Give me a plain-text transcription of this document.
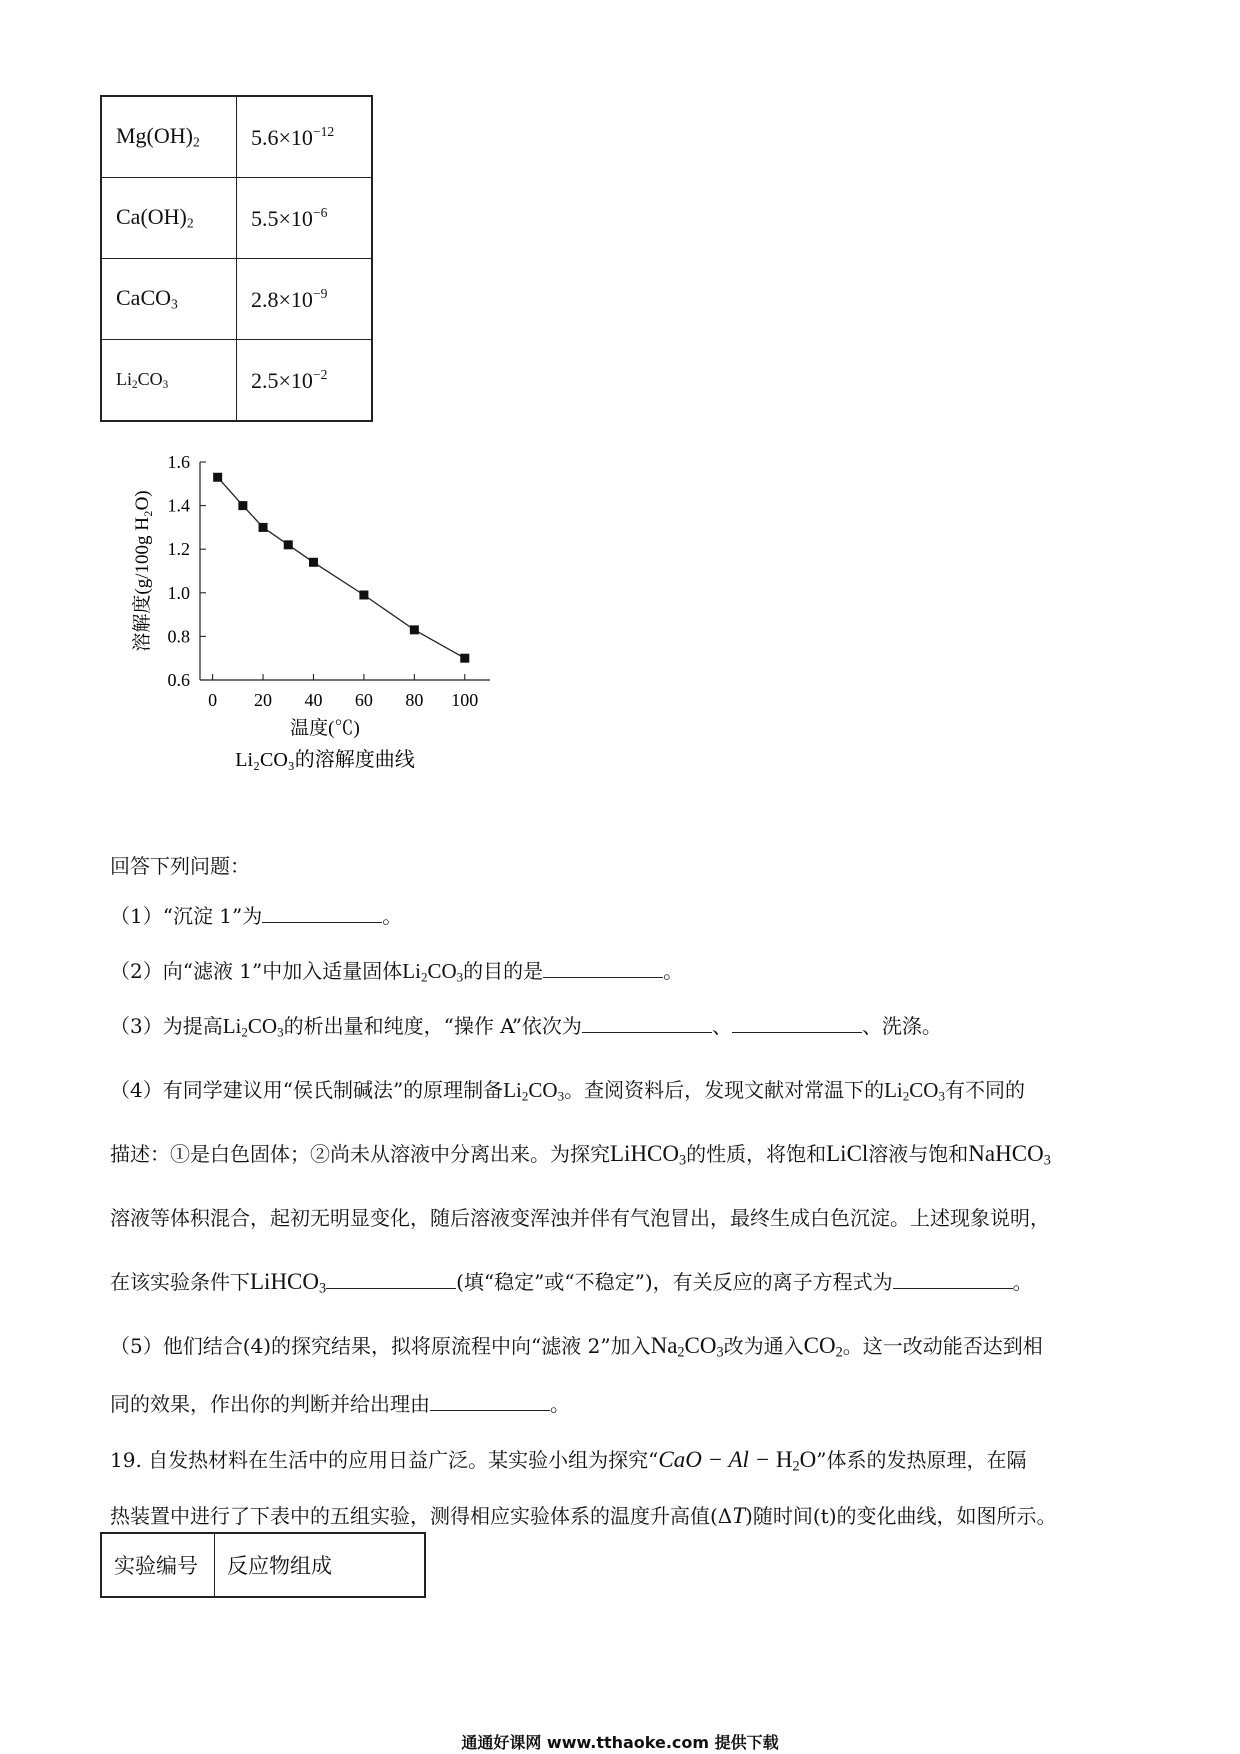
$Mg(OH)_2$	$5.6\times 10^{-12}$
$Ca(OH)_2$	$5.5\times 10^{-6}$
CaCO$_3$	$2.8\times 10^{-9}$
$Li_2CO_3$	$2.5\times 10^{-2}$
0.6
0.8
1.0
1.2
1.4
1.6
0 20 40 60 80 100
溶解度(g/100g H₂O)
温度(℃)
Li₂CO₃的溶解度曲线
回答下列问题：
（1）“沉淀 1”为	。
（2）向“滤液 1”中加入适量固体$Li_2CO_3$的目的是	。
（3）为提高$Li_2CO_3$的析出量和纯度，“操作 A”依次为	、	、洗涤。
（4）有同学建议用“侯氏制碱法”的原理制备$Li_2CO_3$。查阅资料后，发现文献对常温下的$Li_2CO_3$有不同的
描述：①是白色固体；②尚未从溶液中分离出来。为探究LiHCO$_3$的性质，将饱和LiCl溶液与饱和NaHCO$_3$
溶液等体积混合，起初无明显变化，随后溶液变浑浊并伴有气泡冒出，最终生成白色沉淀。上述现象说明，
在该实验条件下LiHCO$_3$	(填“稳定”或“不稳定”)，有关反应的离子方程式为	。
（5）他们结合(4)的探究结果，拟将原流程中向“滤液 2”加入$Na_2CO_3$改为通入$CO_2$。这一改动能否达到相
同的效果，作出你的判断并给出理由	。
19. 自发热材料在生活中的应用日益广泛。某实验小组为探究“CaO − $Al - H_2O$”体系的发热原理，在隔
热装置中进行了下表中的五组实验，测得相应实验体系的温度升高值(ΔT)随时间(t)的变化曲线，如图所示。
实验编号	反应物组成
通通好课网 www.tthaoke.com 提供下载
